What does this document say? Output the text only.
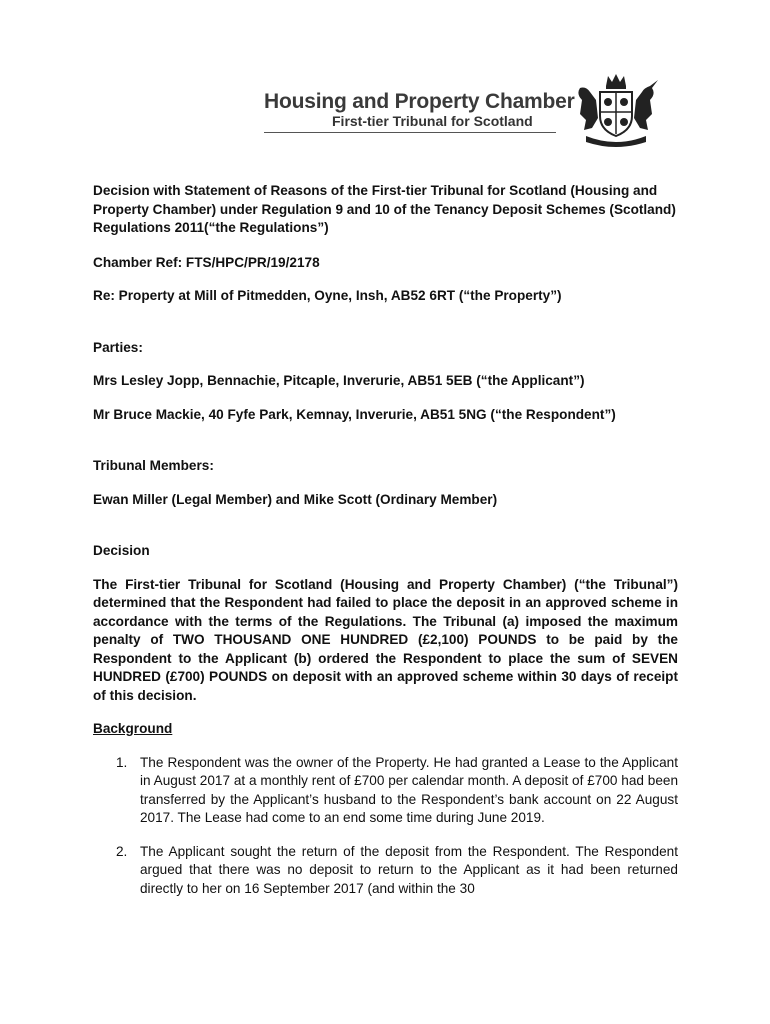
Housing and Property Chamber
First-tier Tribunal for Scotland

Decision with Statement of Reasons of the First-tier Tribunal for Scotland (Housing and Property Chamber) under Regulation 9 and 10 of the Tenancy Deposit Schemes (Scotland) Regulations 2011(“the Regulations”)

Chamber Ref: FTS/HPC/PR/19/2178

Re: Property at Mill of Pitmedden, Oyne, Insh, AB52 6RT (“the Property”)

Parties:

Mrs Lesley Jopp, Bennachie, Pitcaple, Inverurie, AB51 5EB (“the Applicant”)

Mr Bruce Mackie, 40 Fyfe Park, Kemnay, Inverurie, AB51 5NG (“the Respondent”)

Tribunal Members:

Ewan Miller (Legal Member) and Mike Scott (Ordinary Member)

Decision

The First-tier Tribunal for Scotland (Housing and Property Chamber) (“the Tribunal”) determined that the Respondent had failed to place the deposit in an approved scheme in accordance with the terms of the Regulations. The Tribunal (a) imposed the maximum penalty of TWO THOUSAND ONE HUNDRED (£2,100) POUNDS to be paid by the Respondent to the Applicant (b) ordered the Respondent to place the sum of SEVEN HUNDRED (£700) POUNDS on deposit with an approved scheme within 30 days of receipt of this decision.

Background

1. The Respondent was the owner of the Property. He had granted a Lease to the Applicant in August 2017 at a monthly rent of £700 per calendar month. A deposit of £700 had been transferred by the Applicant’s husband to the Respondent’s bank account on 22 August 2017. The Lease had come to an end some time during June 2019.
2. The Applicant sought the return of the deposit from the Respondent. The Respondent argued that there was no deposit to return to the Applicant as it had been returned directly to her on 16 September 2017 (and within the 30
